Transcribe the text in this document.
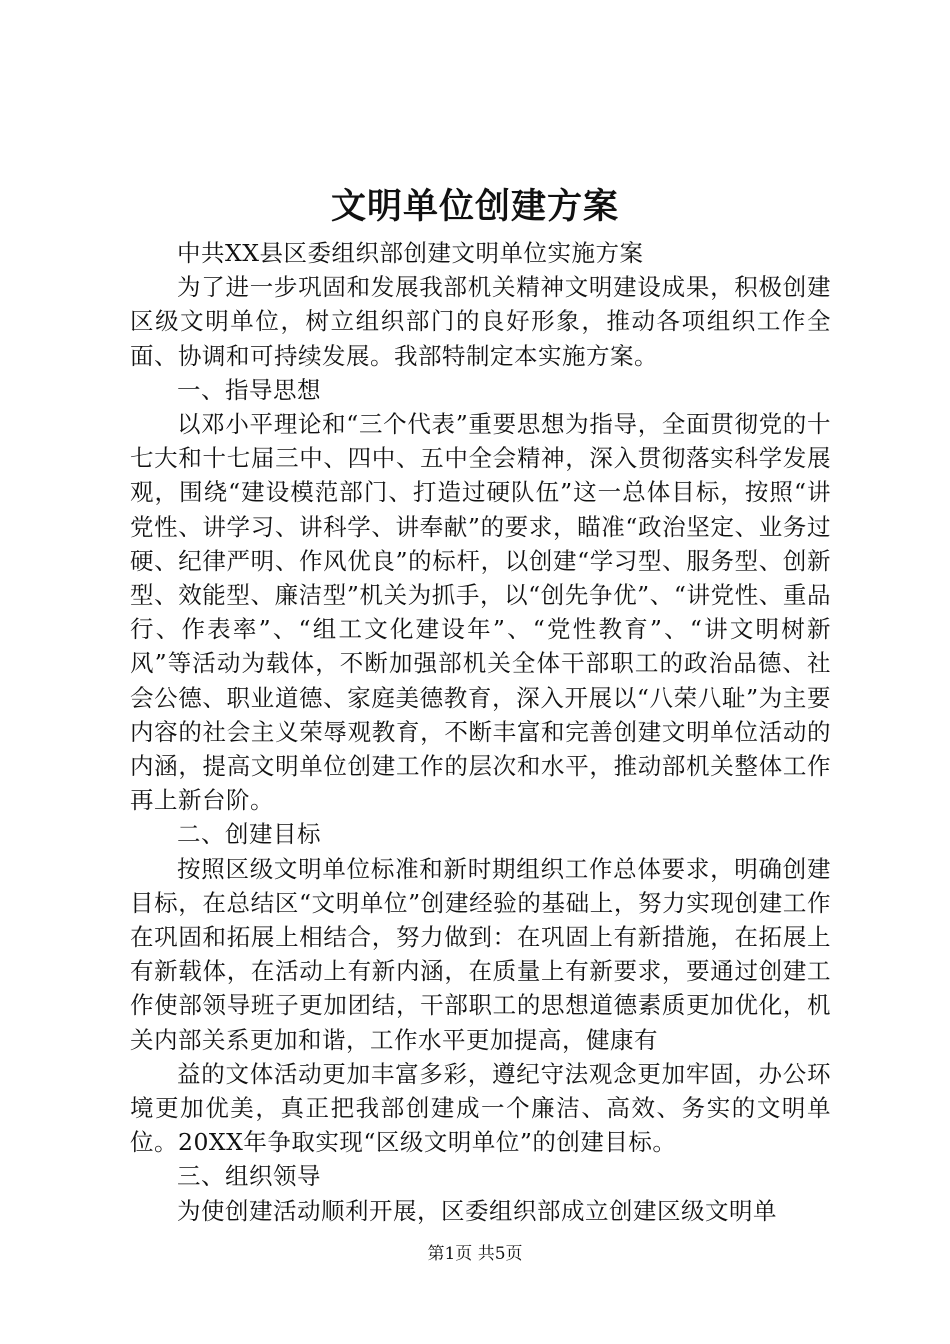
文明单位创建方案

中共XX县区委组织部创建文明单位实施方案

为了进一步巩固和发展我部机关精神文明建设成果，积极创建区级文明单位，树立组织部门的良好形象，推动各项组织工作全面、协调和可持续发展。我部特制定本实施方案。

一、指导思想

以邓小平理论和“三个代表”重要思想为指导，全面贯彻党的十七大和十七届三中、四中、五中全会精神，深入贯彻落实科学发展观，围绕“建设模范部门、打造过硬队伍”这一总体目标，按照“讲党性、讲学习、讲科学、讲奉献”的要求，瞄准“政治坚定、业务过硬、纪律严明、作风优良”的标杆，以创建“学习型、服务型、创新型、效能型、廉洁型”机关为抓手，以“创先争优”、“讲党性、重品行、作表率”、“组工文化建设年”、“党性教育”、“讲文明树新风”等活动为载体，不断加强部机关全体干部职工的政治品德、社会公德、职业道德、家庭美德教育，深入开展以“八荣八耻”为主要内容的社会主义荣辱观教育，不断丰富和完善创建文明单位活动的内涵，提高文明单位创建工作的层次和水平，推动部机关整体工作再上新台阶。

二、创建目标

按照区级文明单位标准和新时期组织工作总体要求，明确创建目标，在总结区“文明单位”创建经验的基础上，努力实现创建工作在巩固和拓展上相结合，努力做到：在巩固上有新措施，在拓展上有新载体，在活动上有新内涵，在质量上有新要求，要通过创建工作使部领导班子更加团结，干部职工的思想道德素质更加优化，机关内部关系更加和谐，工作水平更加提高，健康有

益的文体活动更加丰富多彩，遵纪守法观念更加牢固，办公环境更加优美，真正把我部创建成一个廉洁、高效、务实的文明单位。20XX年争取实现“区级文明单位”的创建目标。

三、组织领导

为使创建活动顺利开展，区委组织部成立创建区级文明单

第1页 共5页
